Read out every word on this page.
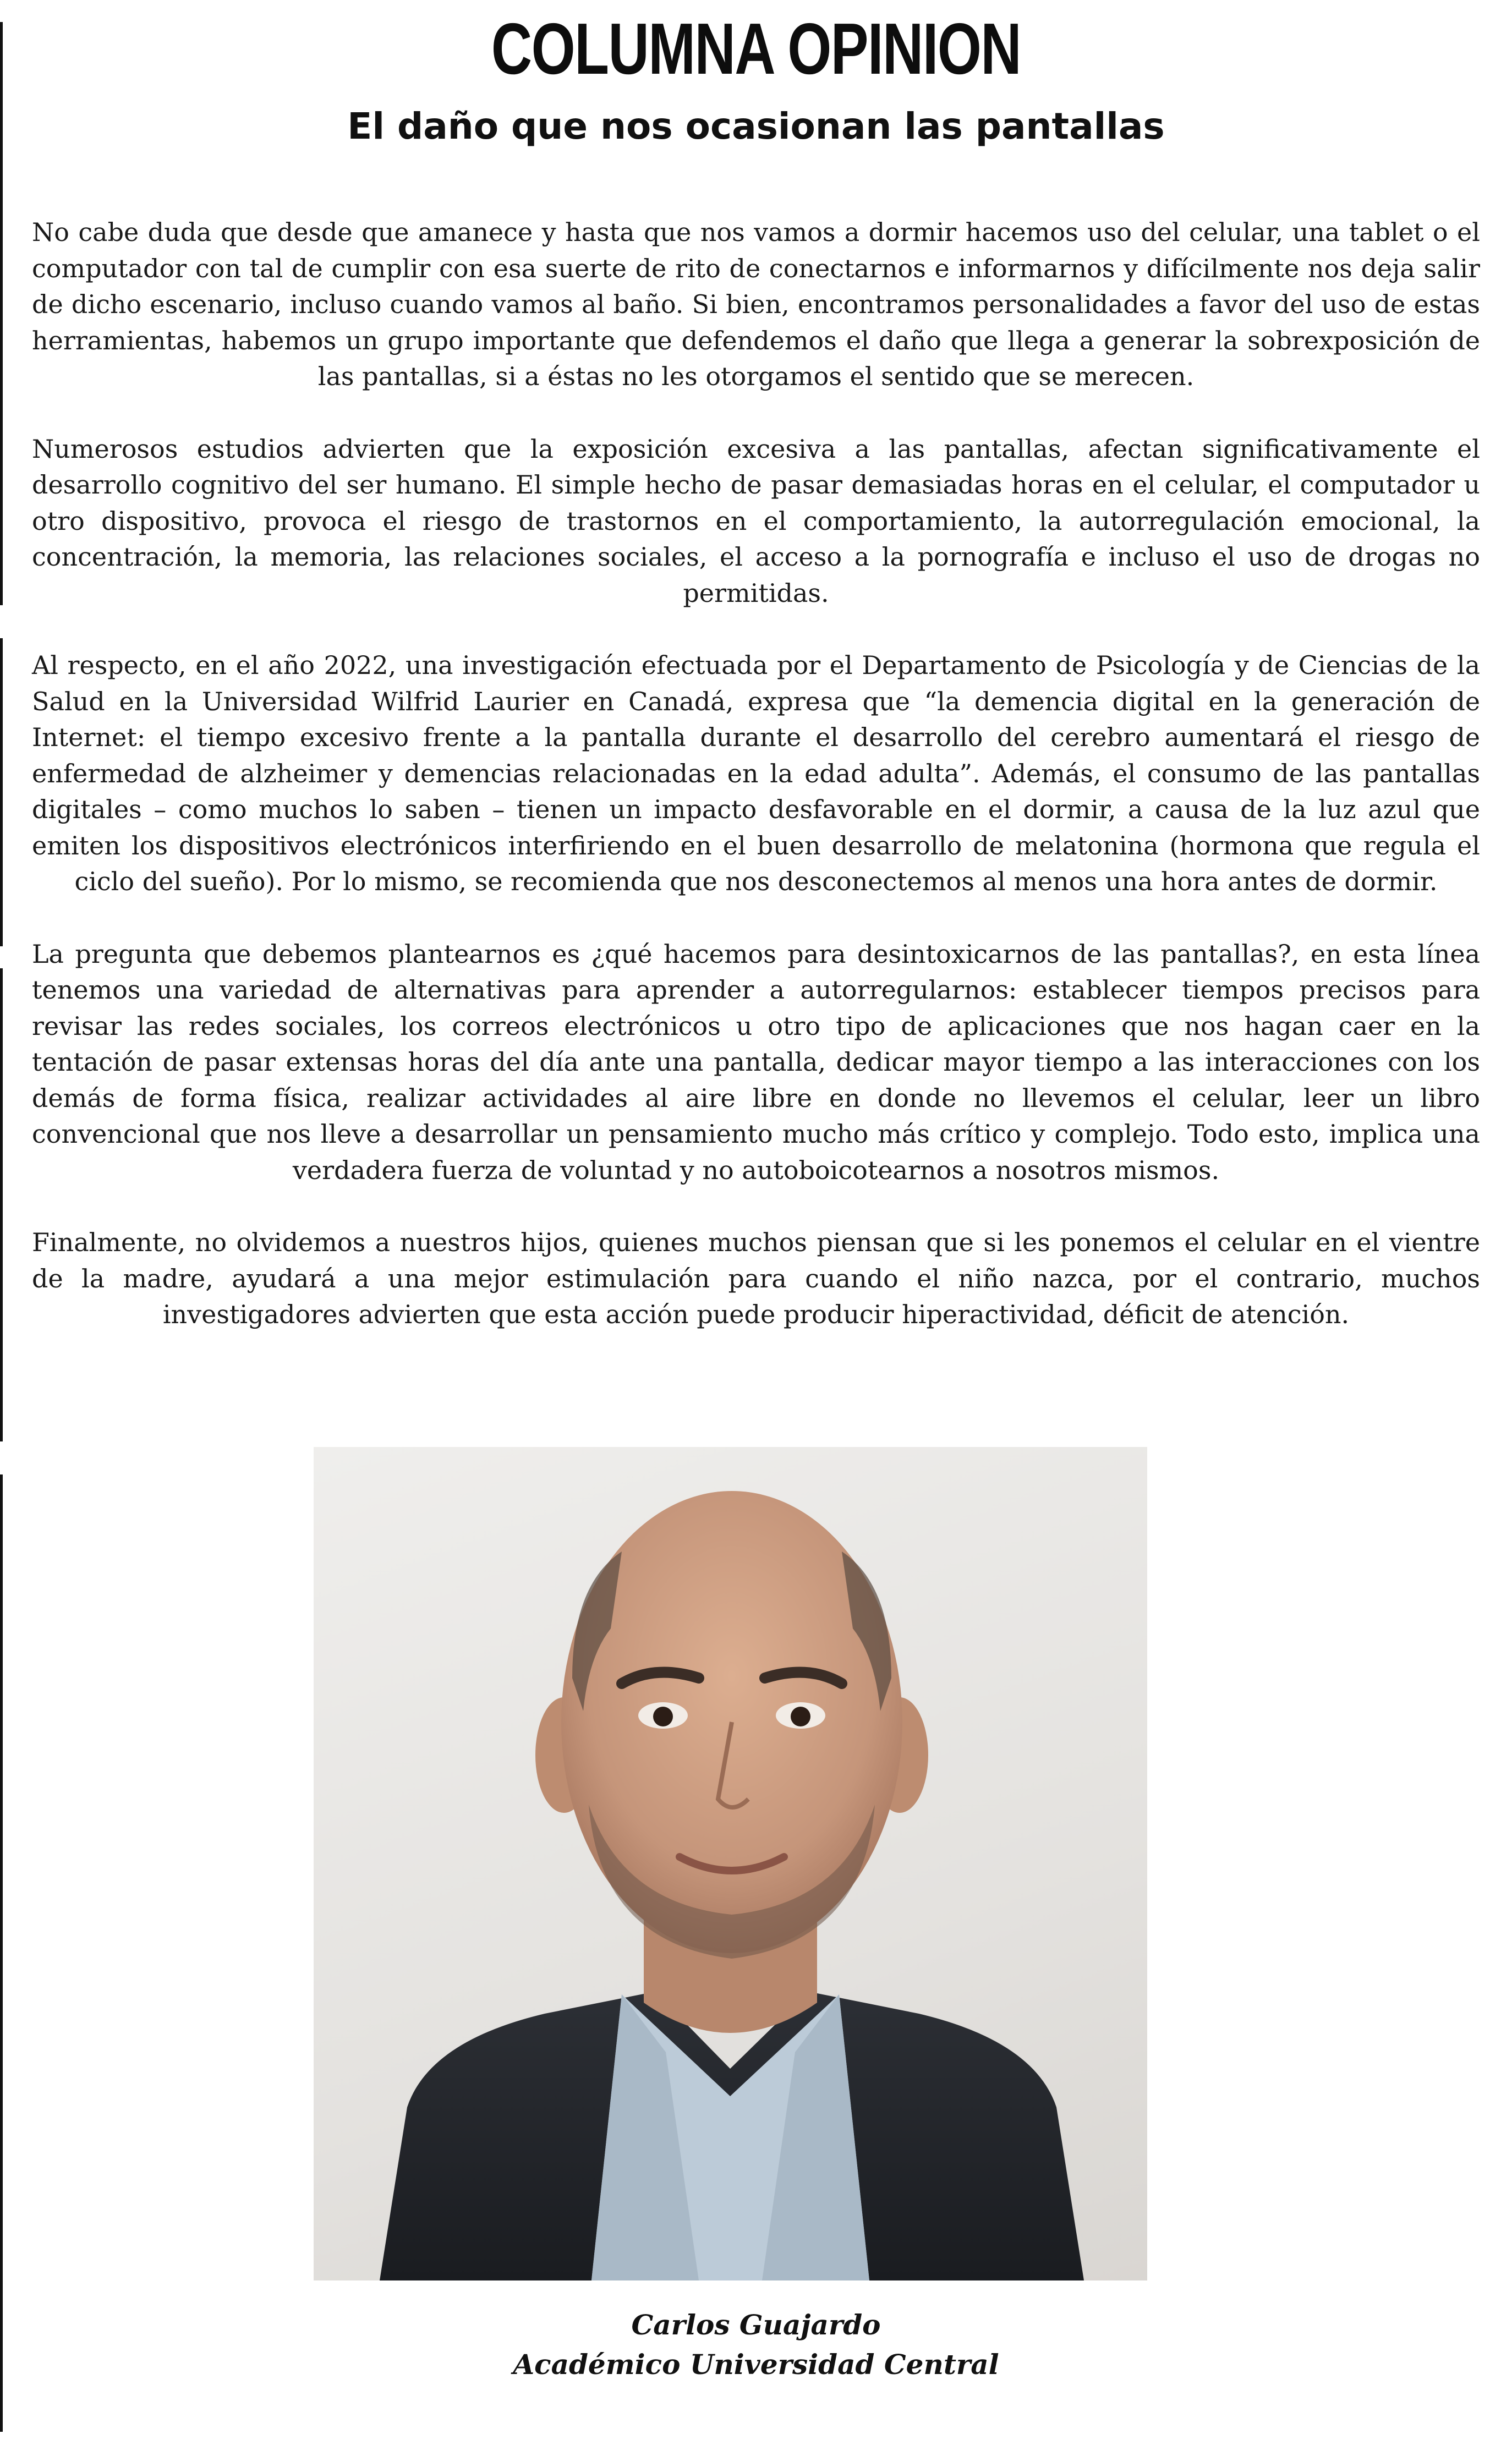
COLUMNA OPINION
El daño que nos ocasionan las pantallas

No cabe duda que desde que amanece y hasta que nos vamos a dormir hacemos uso del celular, una tablet o el computador con tal de cumplir con esa suerte de rito de conectarnos e informarnos y difícilmente nos deja salir de dicho escenario, incluso cuando vamos al baño. Si bien, encontramos personalidades a favor del uso de estas herramientas, habemos un grupo importante que defendemos el daño que llega a generar la sobrexposición de las pantallas, si a éstas no les otorgamos el sentido que se merecen.

Numerosos estudios advierten que la exposición excesiva a las pantallas, afectan significativamente el desarrollo cognitivo del ser humano. El simple hecho de pasar demasiadas horas en el celular, el computador u otro dispositivo, provoca el riesgo de trastornos en el comportamiento, la autorregulación emocional, la concentración, la memoria, las relaciones sociales, el acceso a la pornografía e incluso el uso de drogas no permitidas.

Al respecto, en el año 2022, una investigación efectuada por el Departamento de Psicología y de Ciencias de la Salud en la Universidad Wilfrid Laurier en Canadá, expresa que “la demencia digital en la generación de Internet: el tiempo excesivo frente a la pantalla durante el desarrollo del cerebro aumentará el riesgo de enfermedad de alzheimer y demencias relacionadas en la edad adulta”. Además, el consumo de las pantallas digitales – como muchos lo saben – tienen un impacto desfavorable en el dormir, a causa de la luz azul que emiten los dispositivos electrónicos interfiriendo en el buen desarrollo de melatonina (hormona que regula el ciclo del sueño). Por lo mismo, se recomienda que nos desconectemos al menos una hora antes de dormir.

La pregunta que debemos plantearnos es ¿qué hacemos para desintoxicarnos de las pantallas?, en esta línea tenemos una variedad de alternativas para aprender a autorregularnos: establecer tiempos precisos para revisar las redes sociales, los correos electrónicos u otro tipo de aplicaciones que nos hagan caer en la tentación de pasar extensas horas del día ante una pantalla, dedicar mayor tiempo a las interacciones con los demás de forma física, realizar actividades al aire libre en donde no llevemos el celular, leer un libro convencional que nos lleve a desarrollar un pensamiento mucho más crítico y complejo. Todo esto, implica una verdadera fuerza de voluntad y no autoboicotearnos a nosotros mismos.

Finalmente, no olvidemos a nuestros hijos, quienes muchos piensan que si les ponemos el celular en el vientre de la madre, ayudará a una mejor estimulación para cuando el niño nazca, por el contrario, muchos investigadores advierten que esta acción puede producir hiperactividad, déficit de atención.

Carlos Guajardo
Académico Universidad Central
